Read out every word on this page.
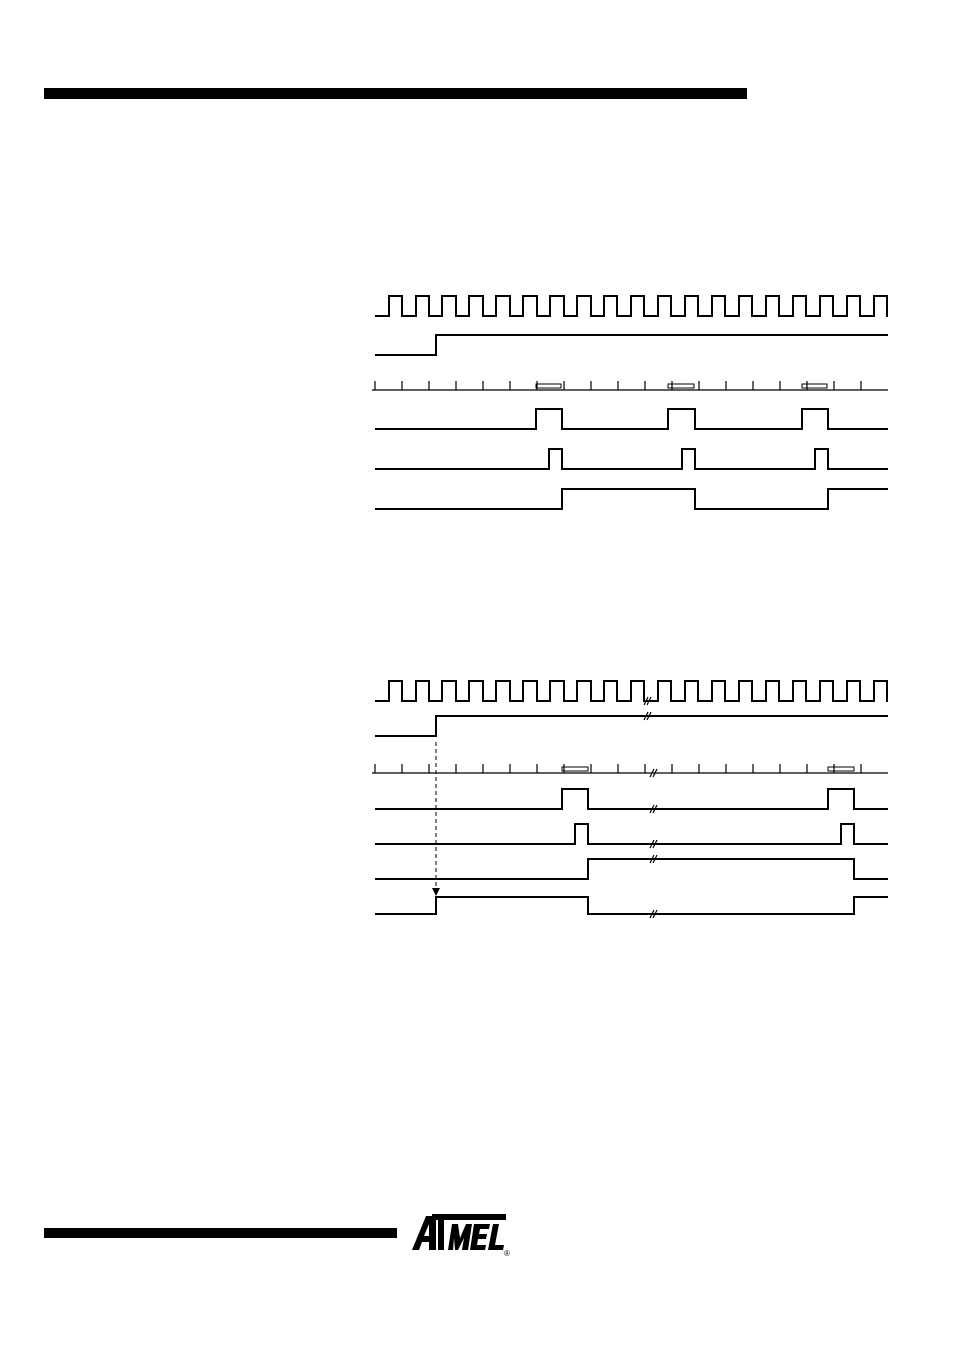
®
